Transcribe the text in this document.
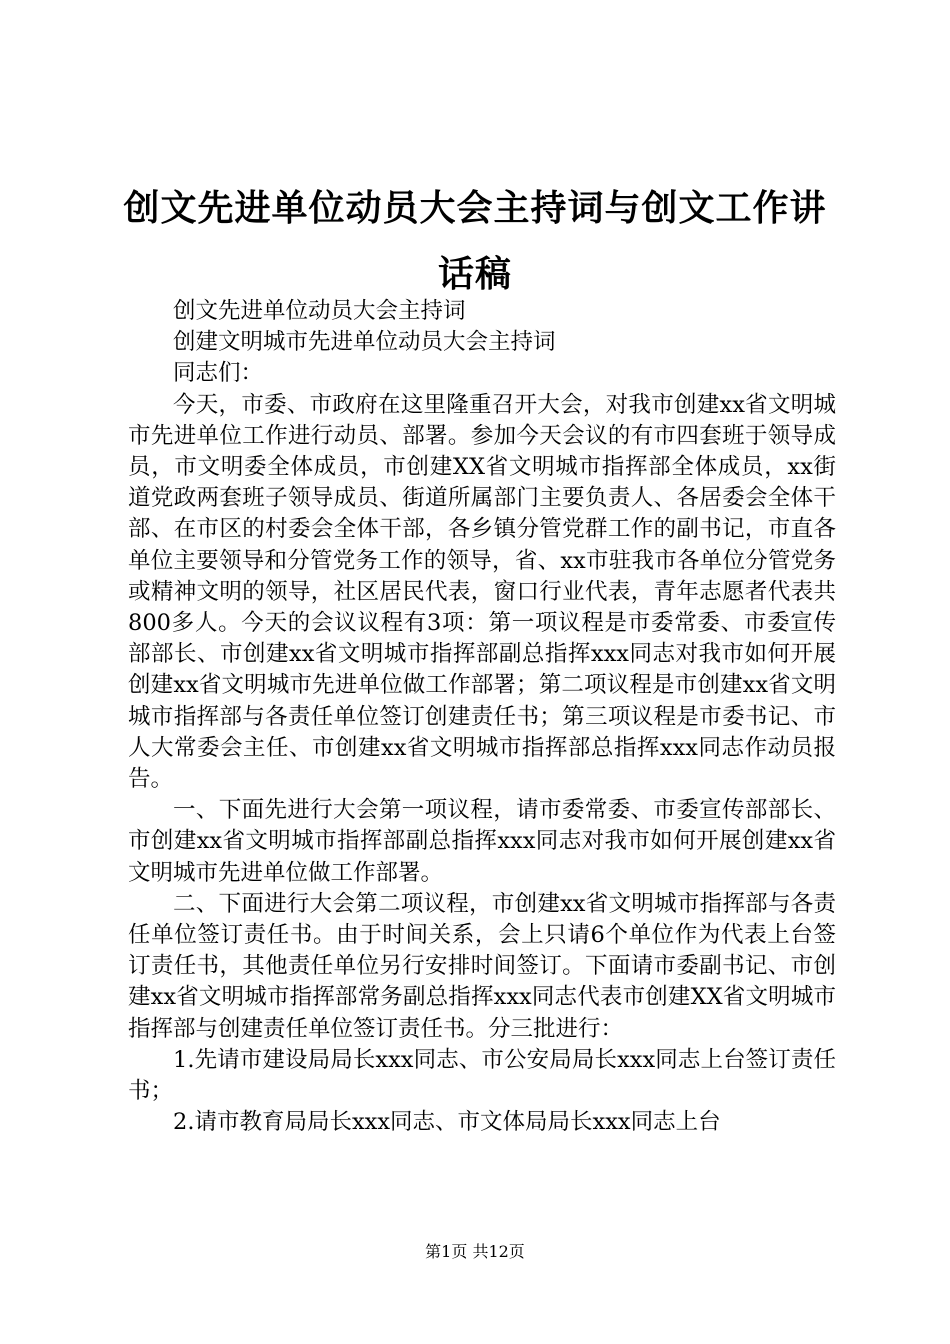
创文先进单位动员大会主持词与创文工作讲话稿

创文先进单位动员大会主持词

创建文明城市先进单位动员大会主持词

同志们：

今天，市委、市政府在这里隆重召开大会，对我市创建xx省文明城市先进单位工作进行动员、部署。参加今天会议的有市四套班于领导成员，市文明委全体成员，市创建XX省文明城市指挥部全体成员，xx街道党政两套班子领导成员、街道所属部门主要负责人、各居委会全体干部、在市区的村委会全体干部，各乡镇分管党群工作的副书记，市直各单位主要领导和分管党务工作的领导，省、xx市驻我市各单位分管党务或精神文明的领导，社区居民代表，窗口行业代表，青年志愿者代表共800多人。今天的会议议程有3项：第一项议程是市委常委、市委宣传部部长、市创建xx省文明城市指挥部副总指挥xxx同志对我市如何开展创建xx省文明城市先进单位做工作部署；第二项议程是市创建xx省文明城市指挥部与各责任单位签订创建责任书；第三项议程是市委书记、市人大常委会主任、市创建xx省文明城市指挥部总指挥xxx同志作动员报告。

一、下面先进行大会第一项议程，请市委常委、市委宣传部部长、市创建xx省文明城市指挥部副总指挥xxx同志对我市如何开展创建xx省文明城市先进单位做工作部署。

二、下面进行大会第二项议程，市创建xx省文明城市指挥部与各责任单位签订责任书。由于时间关系，会上只请6个单位作为代表上台签订责任书，其他责任单位另行安排时间签订。下面请市委副书记、市创建xx省文明城市指挥部常务副总指挥xxx同志代表市创建XX省文明城市指挥部与创建责任单位签订责任书。分三批进行：

1.先请市建设局局长xxx同志、市公安局局长xxx同志上台签订责任书；

2.请市教育局局长xxx同志、市文体局局长xxx同志上台

第1页 共12页
